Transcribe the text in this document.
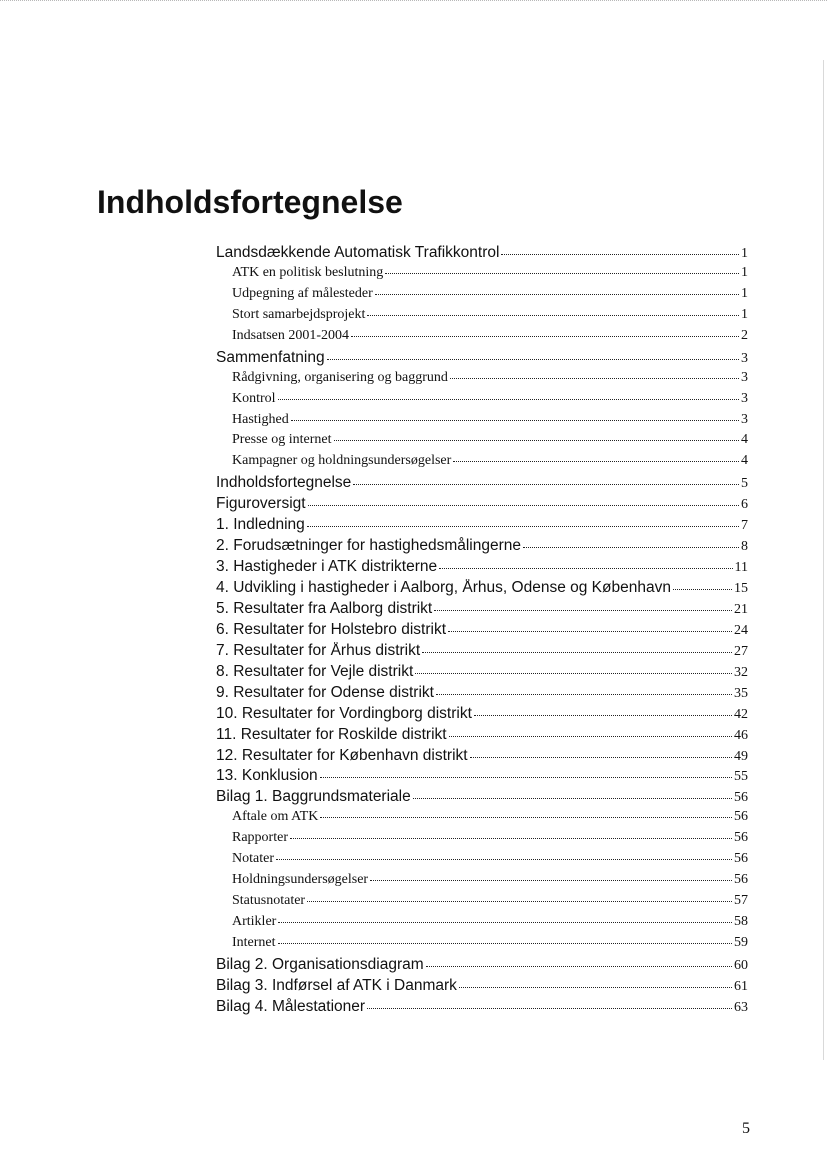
Indholdsfortegnelse
Landsdækkende Automatisk Trafikkontrol	1
ATK en politisk beslutning	1
Udpegning af målesteder	1
Stort samarbejdsprojekt	1
Indsatsen 2001-2004	2
Sammenfatning	3
Rådgivning, organisering og baggrund	3
Kontrol	3
Hastighed	3
Presse og internet	4
Kampagner og holdningsundersøgelser	4
Indholdsfortegnelse	5
Figuroversigt	6
1. Indledning	7
2. Forudsætninger for hastighedsmålingerne	8
3. Hastigheder i ATK distrikterne	11
4. Udvikling i hastigheder i Aalborg, Århus, Odense og København	15
5. Resultater fra Aalborg distrikt	21
6. Resultater for Holstebro distrikt	24
7. Resultater for Århus distrikt	27
8. Resultater for Vejle distrikt	32
9. Resultater for Odense distrikt	35
10. Resultater for Vordingborg distrikt	42
11. Resultater for Roskilde distrikt	46
12. Resultater for København distrikt	49
13. Konklusion	55
Bilag 1. Baggrundsmateriale	56
Aftale om ATK	56
Rapporter	56
Notater	56
Holdningsundersøgelser	56
Statusnotater	57
Artikler	58
Internet	59
Bilag 2. Organisationsdiagram	60
Bilag 3. Indførsel af ATK i Danmark	61
Bilag 4. Målestationer	63
5
